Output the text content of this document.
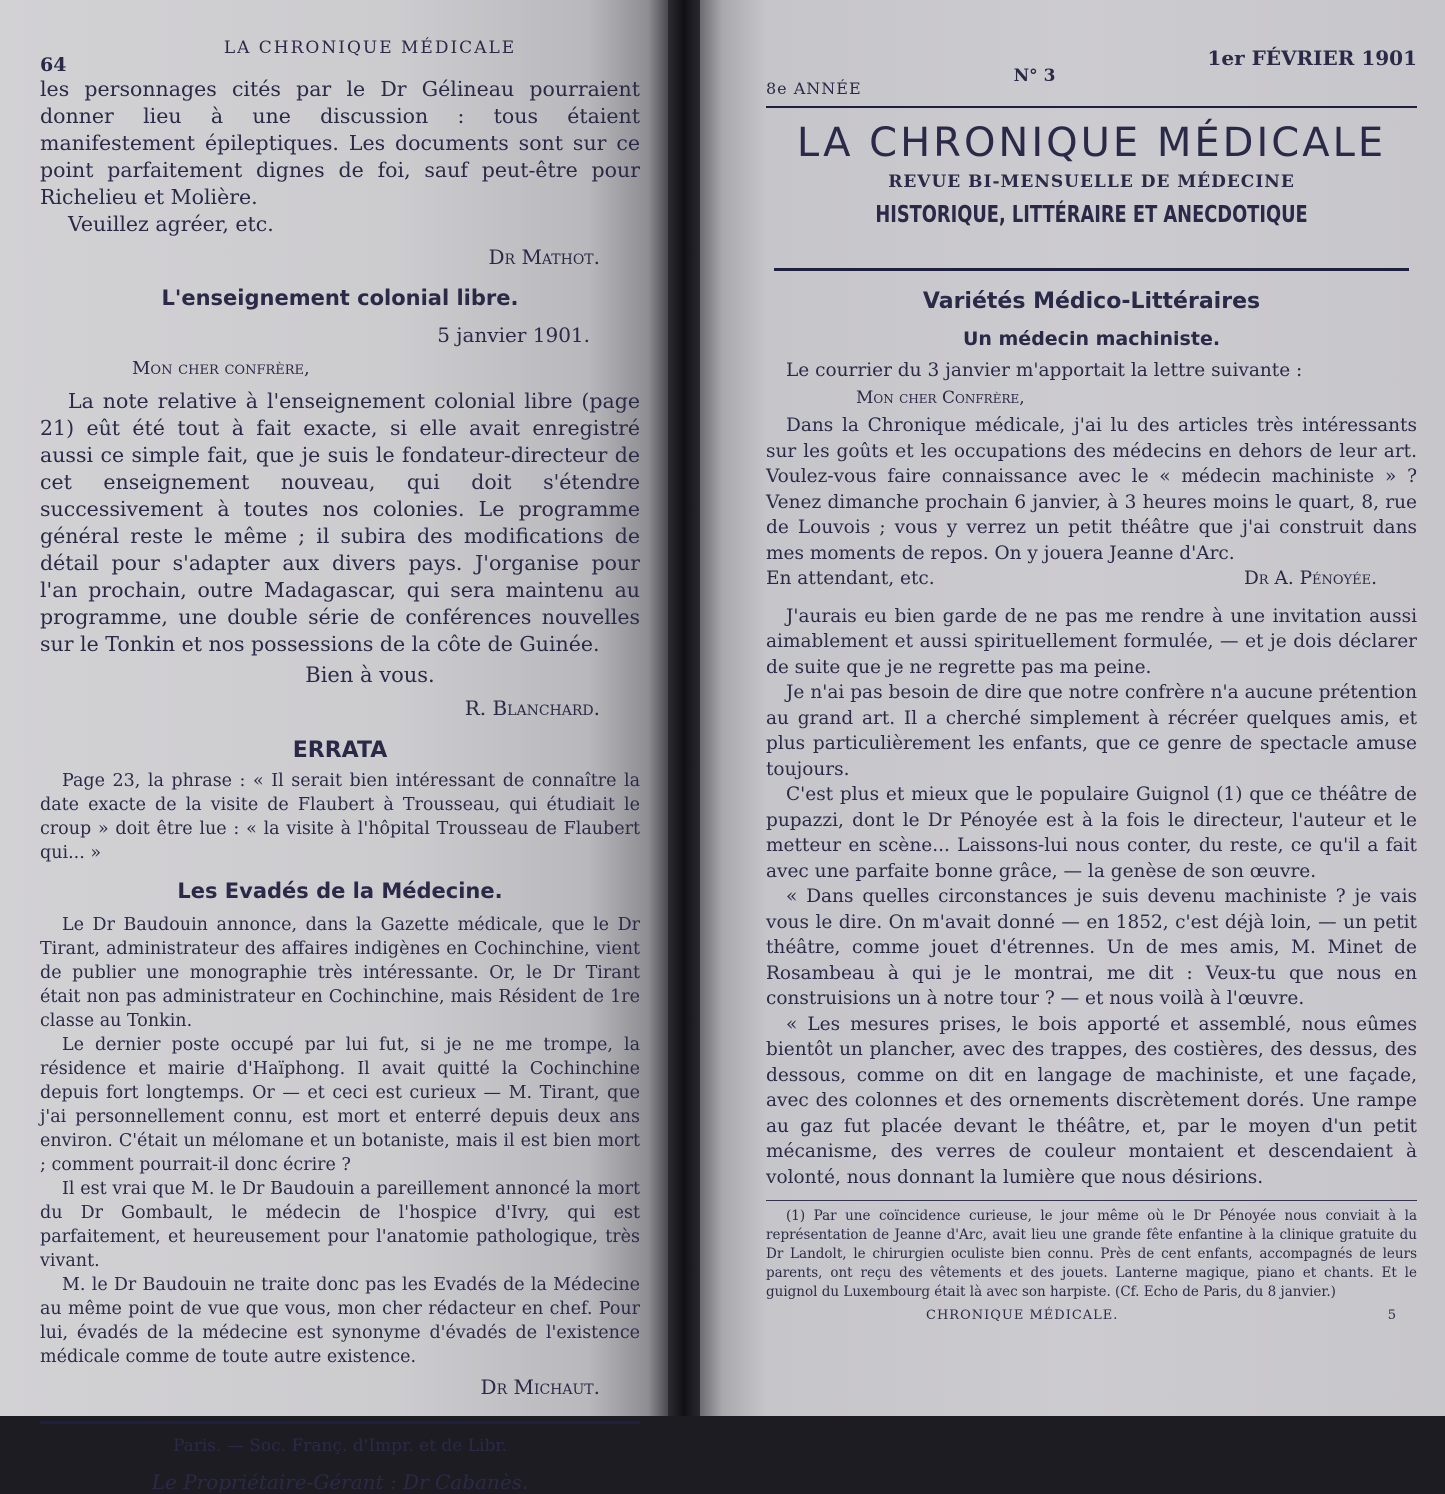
LA CHRONIQUE MÉDICALE
64

les personnages cités par le Dr Gélineau pourraient donner lieu à une discussion : tous étaient manifestement épileptiques. Les documents sont sur ce point parfaitement dignes de foi, sauf peut-être pour Richelieu et Molière.

Veuillez agréer, etc.

Dr Mathot.
L'enseignement colonial libre.
5 janvier 1901.
Mon cher confrère,

La note relative à l'enseignement colonial libre (page 21) eût été tout à fait exacte, si elle avait enregistré aussi ce simple fait, que je suis le fondateur-directeur de cet enseignement nouveau, qui doit s'étendre successivement à toutes nos colonies. Le programme général reste le même ; il subira des modifications de détail pour s'adapter aux divers pays. J'organise pour l'an prochain, outre Madagascar, qui sera maintenu au programme, une double série de conférences nouvelles sur le Tonkin et nos possessions de la côte de Guinée.

Bien à vous.
R. Blanchard.
ERRATA

Page 23, la phrase : « Il serait bien intéressant de connaître la date exacte de la visite de Flaubert à Trousseau, qui étudiait le croup » doit être lue : « la visite à l'hôpital Trousseau de Flaubert qui... »

Les Evadés de la Médecine.

Le Dr Baudouin annonce, dans la Gazette médicale, que le Dr Tirant, administrateur des affaires indigènes en Cochinchine, vient de publier une monographie très intéressante. Or, le Dr Tirant était non pas administrateur en Cochinchine, mais Résident de 1re classe au Tonkin.

Le dernier poste occupé par lui fut, si je ne me trompe, la résidence et mairie d'Haïphong. Il avait quitté la Cochinchine depuis fort longtemps. Or — et ceci est curieux — M. Tirant, que j'ai personnellement connu, est mort et enterré depuis deux ans environ. C'était un mélomane et un botaniste, mais il est bien mort ; comment pourrait-il donc écrire ?

Il est vrai que M. le Dr Baudouin a pareillement annoncé la mort du Dr Gombault, le médecin de l'hospice d'Ivry, qui est parfaitement, et heureusement pour l'anatomie pathologique, très vivant.

M. le Dr Baudouin ne traite donc pas les Evadés de la Médecine au même point de vue que vous, mon cher rédacteur en chef. Pour lui, évadés de la médecine est synonyme d'évadés de l'existence médicale comme de toute autre existence.

Dr Michaut.
Paris. — Soc. Franç. d'Impr. et de Libr.
Le Propriétaire-Gérant : Dr Cabanès.
8e ANNÉE
N° 3
1er FÉVRIER 1901
LA CHRONIQUE MÉDICALE
REVUE BI-MENSUELLE DE MÉDECINE
HISTORIQUE, LITTÉRAIRE ET ANECDOTIQUE
Variétés Médico-Littéraires
Un médecin machiniste.

Le courrier du 3 janvier m'apportait la lettre suivante :

Mon cher Confrère,

Dans la Chronique médicale, j'ai lu des articles très intéressants sur les goûts et les occupations des médecins en dehors de leur art. Voulez-vous faire connaissance avec le « médecin machiniste » ? Venez dimanche prochain 6 janvier, à 3 heures moins le quart, 8, rue de Louvois ; vous y verrez un petit théâtre que j'ai construit dans mes moments de repos. On y jouera Jeanne d'Arc.

En attendant, etc.	Dr A. Pénoyée.

J'aurais eu bien garde de ne pas me rendre à une invitation aussi aimablement et aussi spirituellement formulée, — et je dois déclarer de suite que je ne regrette pas ma peine.

Je n'ai pas besoin de dire que notre confrère n'a aucune prétention au grand art. Il a cherché simplement à récréer quelques amis, et plus particulièrement les enfants, que ce genre de spectacle amuse toujours.

C'est plus et mieux que le populaire Guignol (1) que ce théâtre de pupazzi, dont le Dr Pénoyée est à la fois le directeur, l'auteur et le metteur en scène... Laissons-lui nous conter, du reste, ce qu'il a fait avec une parfaite bonne grâce, — la genèse de son œuvre.

« Dans quelles circonstances je suis devenu machiniste ? je vais vous le dire. On m'avait donné — en 1852, c'est déjà loin, — un petit théâtre, comme jouet d'étrennes. Un de mes amis, M. Minet de Rosambeau à qui je le montrai, me dit : Veux-tu que nous en construisions un à notre tour ? — et nous voilà à l'œuvre.

« Les mesures prises, le bois apporté et assemblé, nous eûmes bientôt un plancher, avec des trappes, des costières, des dessus, des dessous, comme on dit en langage de machiniste, et une façade, avec des colonnes et des ornements discrètement dorés. Une rampe au gaz fut placée devant le théâtre, et, par le moyen d'un petit mécanisme, des verres de couleur montaient et descendaient à volonté, nous donnant la lumière que nous désirions.

(1) Par une coïncidence curieuse, le jour même où le Dr Pénoyée nous conviait à la représentation de Jeanne d'Arc, avait lieu une grande fête enfantine à la clinique gratuite du Dr Landolt, le chirurgien oculiste bien connu. Près de cent enfants, accompagnés de leurs parents, ont reçu des vêtements et des jouets. Lanterne magique, piano et chants. Et le guignol du Luxembourg était là avec son harpiste. (Cf. Echo de Paris, du 8 janvier.)

CHRONIQUE MÉDICALE.	5
